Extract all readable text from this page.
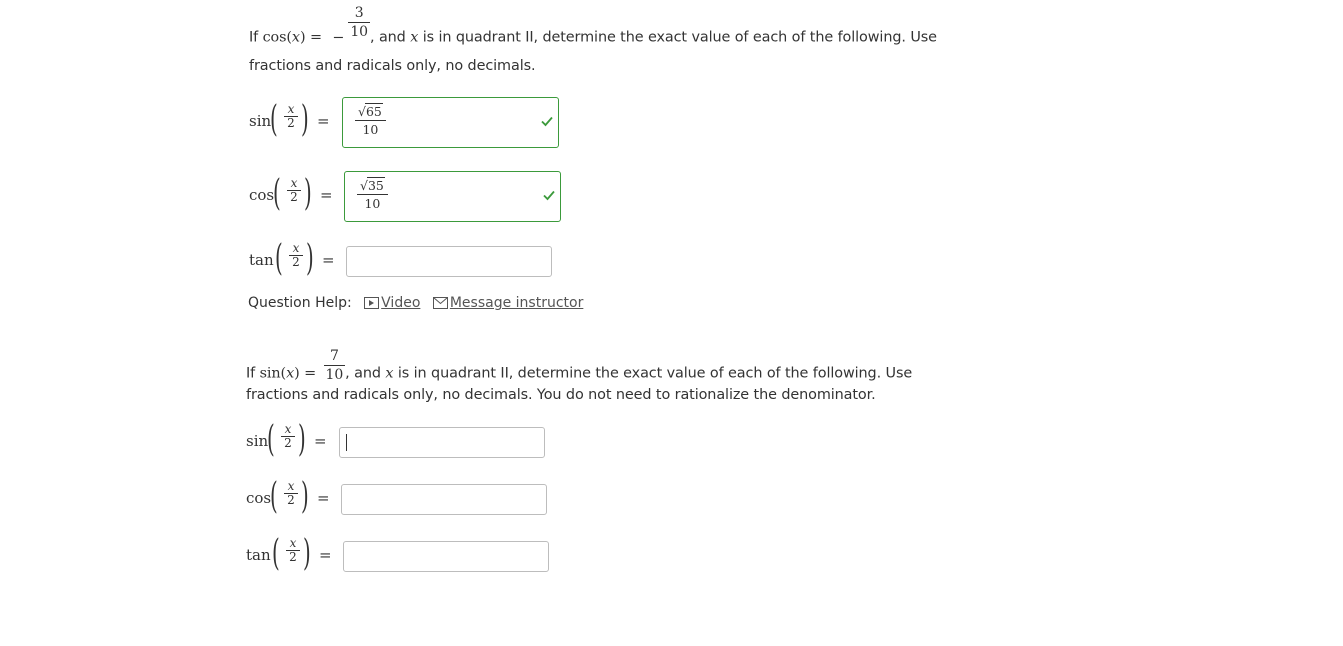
If cos(x) = − $\frac{3}{10}$ , and x is in quadrant II, determine the exact value of each of the following. Use
fractions and radicals only, no decimals.
sin
( x
2 ) =
√65
10
cos
( x
2 ) =
√35
10
tan ( x
2 ) =
Question Help: Video Message instructor
If $\sin(x) = \frac{7}{10}$ , and x is in quadrant II, determine the exact value of each of the following. Use
fractions and radicals only, no decimals. You do not need to rationalize the denominator.
sin
( x
2 ) =
cos
( x
2 ) =
tan ( x
2 ) =
